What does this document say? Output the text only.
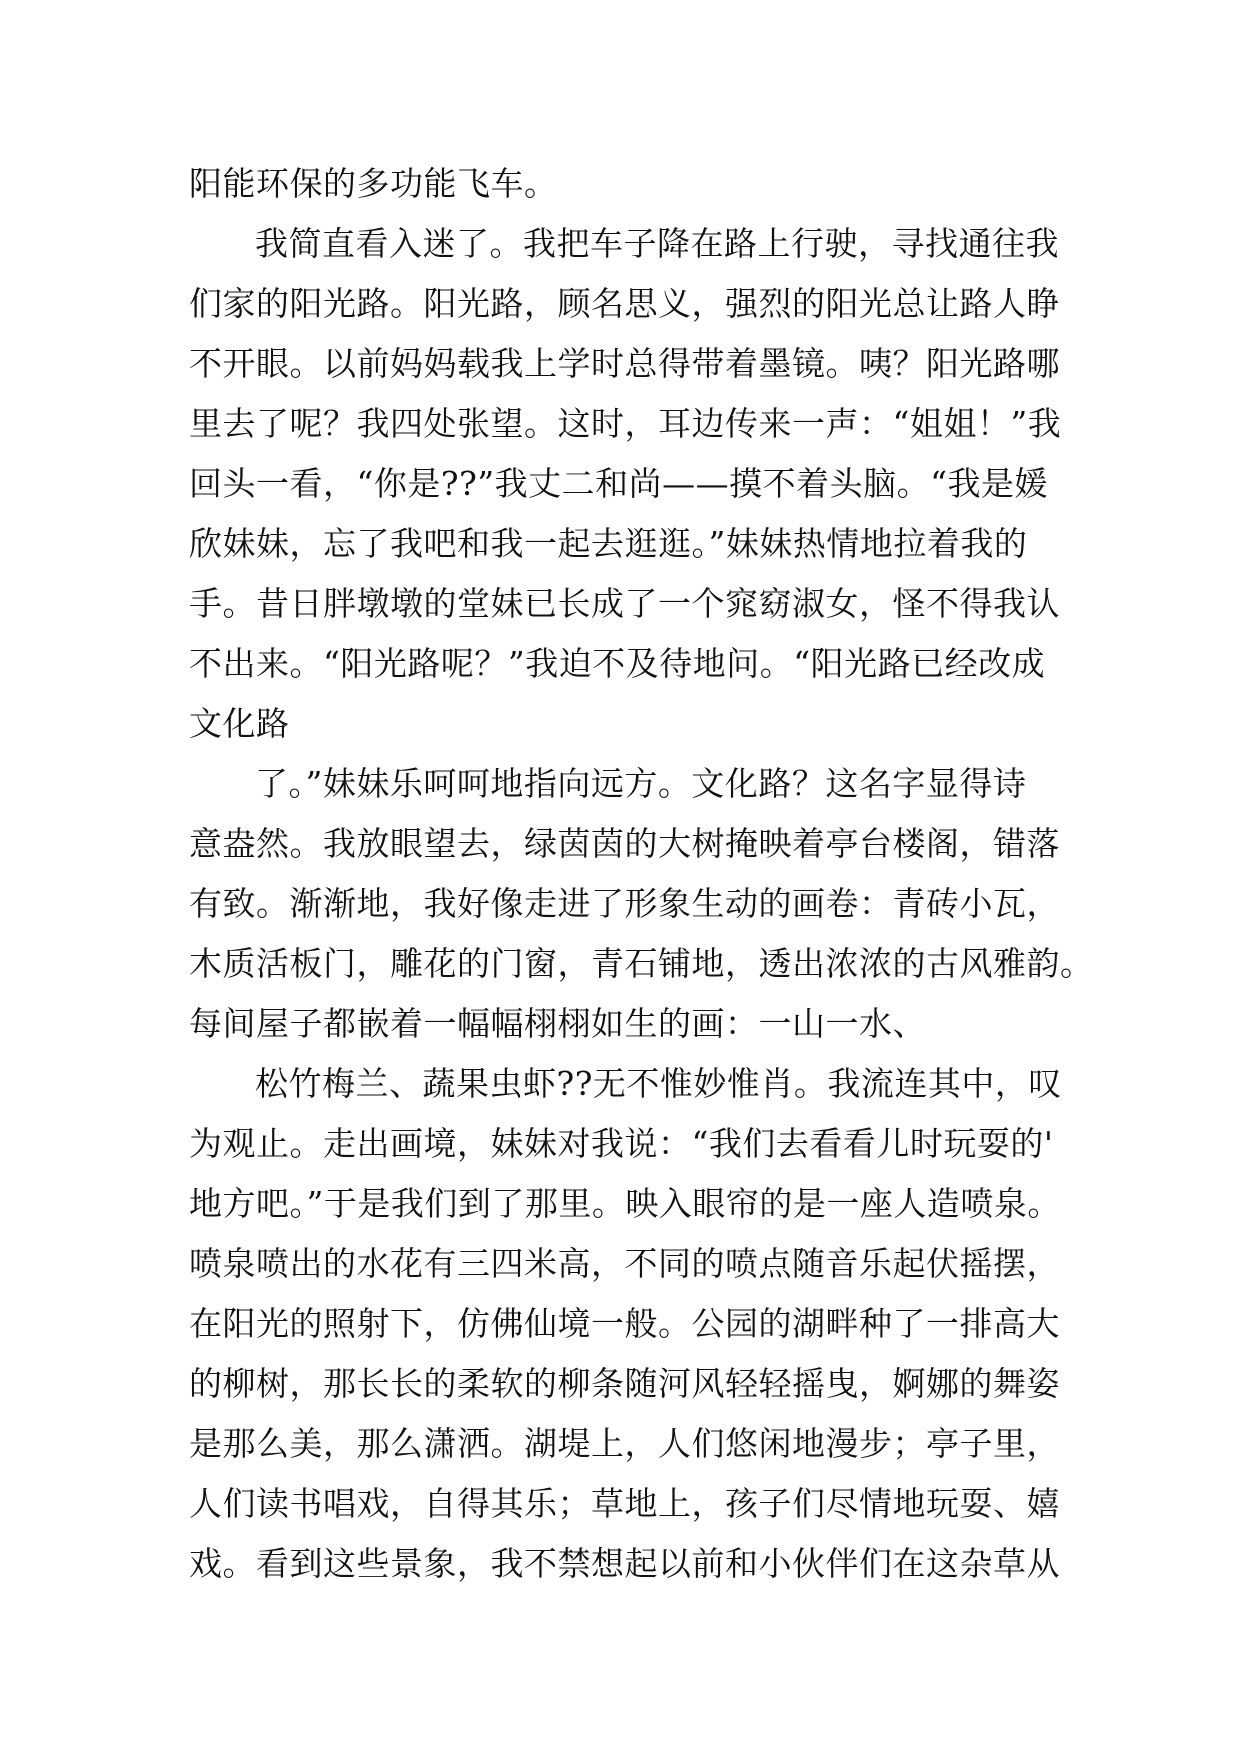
阳能环保的多功能飞车。
我简直看入迷了。我把车子降在路上行驶，寻找通往我
们家的阳光路。阳光路，顾名思义，强烈的阳光总让路人睁
不开眼。以前妈妈载我上学时总得带着墨镜。咦？阳光路哪
里去了呢？我四处张望。这时，耳边传来一声：“姐姐！”我
回头一看，“你是??”我丈二和尚——摸不着头脑。“我是媛
欣妹妹，忘了我吧和我一起去逛逛。”妹妹热情地拉着我的
手。昔日胖墩墩的堂妹已长成了一个窕窈淑女，怪不得我认
不出来。“阳光路呢？”我迫不及待地问。“阳光路已经改成
文化路
了。”妹妹乐呵呵地指向远方。文化路？这名字显得诗
意盎然。我放眼望去，绿茵茵的大树掩映着亭台楼阁，错落
有致。渐渐地，我好像走进了形象生动的画卷：青砖小瓦，
木质活板门，雕花的门窗，青石铺地，透出浓浓的古风雅韵。
每间屋子都嵌着一幅幅栩栩如生的画：一山一水、
松竹梅兰、蔬果虫虾??无不惟妙惟肖。我流连其中，叹
为观止。走出画境，妹妹对我说：“我们去看看儿时玩耍的'
地方吧。”于是我们到了那里。映入眼帘的是一座人造喷泉。
喷泉喷出的水花有三四米高，不同的喷点随音乐起伏摇摆，
在阳光的照射下，仿佛仙境一般。公园的湖畔种了一排高大
的柳树，那长长的柔软的柳条随河风轻轻摇曳，婀娜的舞姿
是那么美，那么潇洒。湖堤上，人们悠闲地漫步；亭子里，
人们读书唱戏，自得其乐；草地上，孩子们尽情地玩耍、嬉
戏。看到这些景象，我不禁想起以前和小伙伴们在这杂草从
